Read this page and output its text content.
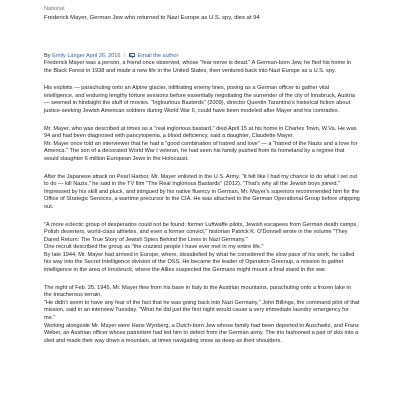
National
Frederick Mayer, German Jew who returned to Nazi Europe as U.S. spy, dies at 94
By Emily Langer April 26, 2016 | Email the author

Frederick Mayer was a person, a friend once observed, whose "fear nerve is dead." A German-born Jew, he fled his home in the Black Forest in 1938 and made a new life in the United States, then ventured back into Nazi Europe as a U.S. spy.

His exploits — parachuting onto an Alpine glacier, infiltrating enemy lines, posing as a German officer to gather vital intelligence, and enduring lengthy torture sessions before essentially negotiating the surrender of the city of Innsbruck, Austria — seemed in hindsight the stuff of movies. "Inglourious Basterds" (2009), director Quentin Tarantino's historical fiction about justice-seeking Jewish American soldiers during World War II, could have been modeled after Mayer and his comrades.

Mr. Mayer, who was described at times as a "real inglorious bastard," died April 15 at his home in Charles Town, W.Va. He was 94 and had been diagnosed with pancytopenia, a blood deficiency, said a daughter, Claudette Mayer.

Mr. Mayer once told an interviewer that he had a "good combination of hatred and love" — a "hatred of the Nazis and a love for America." The son of a decorated World War I veteran, he had seen his family pushed from its homeland by a regime that would slaughter 6 million European Jews in the Holocaust.

After the Japanese attack on Pearl Harbor, Mr. Mayer enlisted in the U.S. Army. "It felt like I had my chance to do what I set out to do — kill Nazis," he said in the TV film "The Real Inglorious Bastards" (2012). "That's why all the Jewish boys joined."

Impressed by his skill and pluck, and intrigued by his native fluency in German, Mr. Mayer's superiors recommended him for the Office of Strategic Services, a wartime precursor to the CIA. He was attached to the German Operational Group before shipping out.

"A more eclectic group of desperados could not be found: former Luftwaffe pilots, Jewish escapees from German death camps, Polish deserters, world-class athletes, and even a former convict," historian Patrick K. O'Donnell wrote in the volume "They Dared Return: The True Story of Jewish Spies Behind the Lines in Nazi Germany."

One recruit described the group as "the craziest people I have ever met in my entire life."

By late 1944, Mr. Mayer had arrived in Europe, where, dissatisfied by what he considered the slow pace of his work, he called his way into the Secret Intelligence division of the OSS. He became the leader of Operation Greenup, a mission to gather intelligence in the area of Innsbruck, where the Allies suspected the Germans might mount a final stand in the war.

The night of Feb. 25, 1945, Mr. Mayer flew from his base in Italy to the Austrian mountains, parachuting onto a frozen lake in the treacherous terrain.

"He didn't seem to have any fear of the fact that he was going back into Nazi Germany," John Billings, the command pilot of that mission, said in an interview Tuesday. "What he did just the first night would cause a very immediate laundry emergency for me."

Working alongside Mr. Mayer were Hans Wynberg, a Dutch-born Jew whose family had been deported to Auschwitz, and Franz Weber, an Austrian officer whose patriotism had led him to defect from the German army. The trio fashioned a pair of skis into a sled and made their way down a mountain, at times navigating snow as deep as their shoulders.
